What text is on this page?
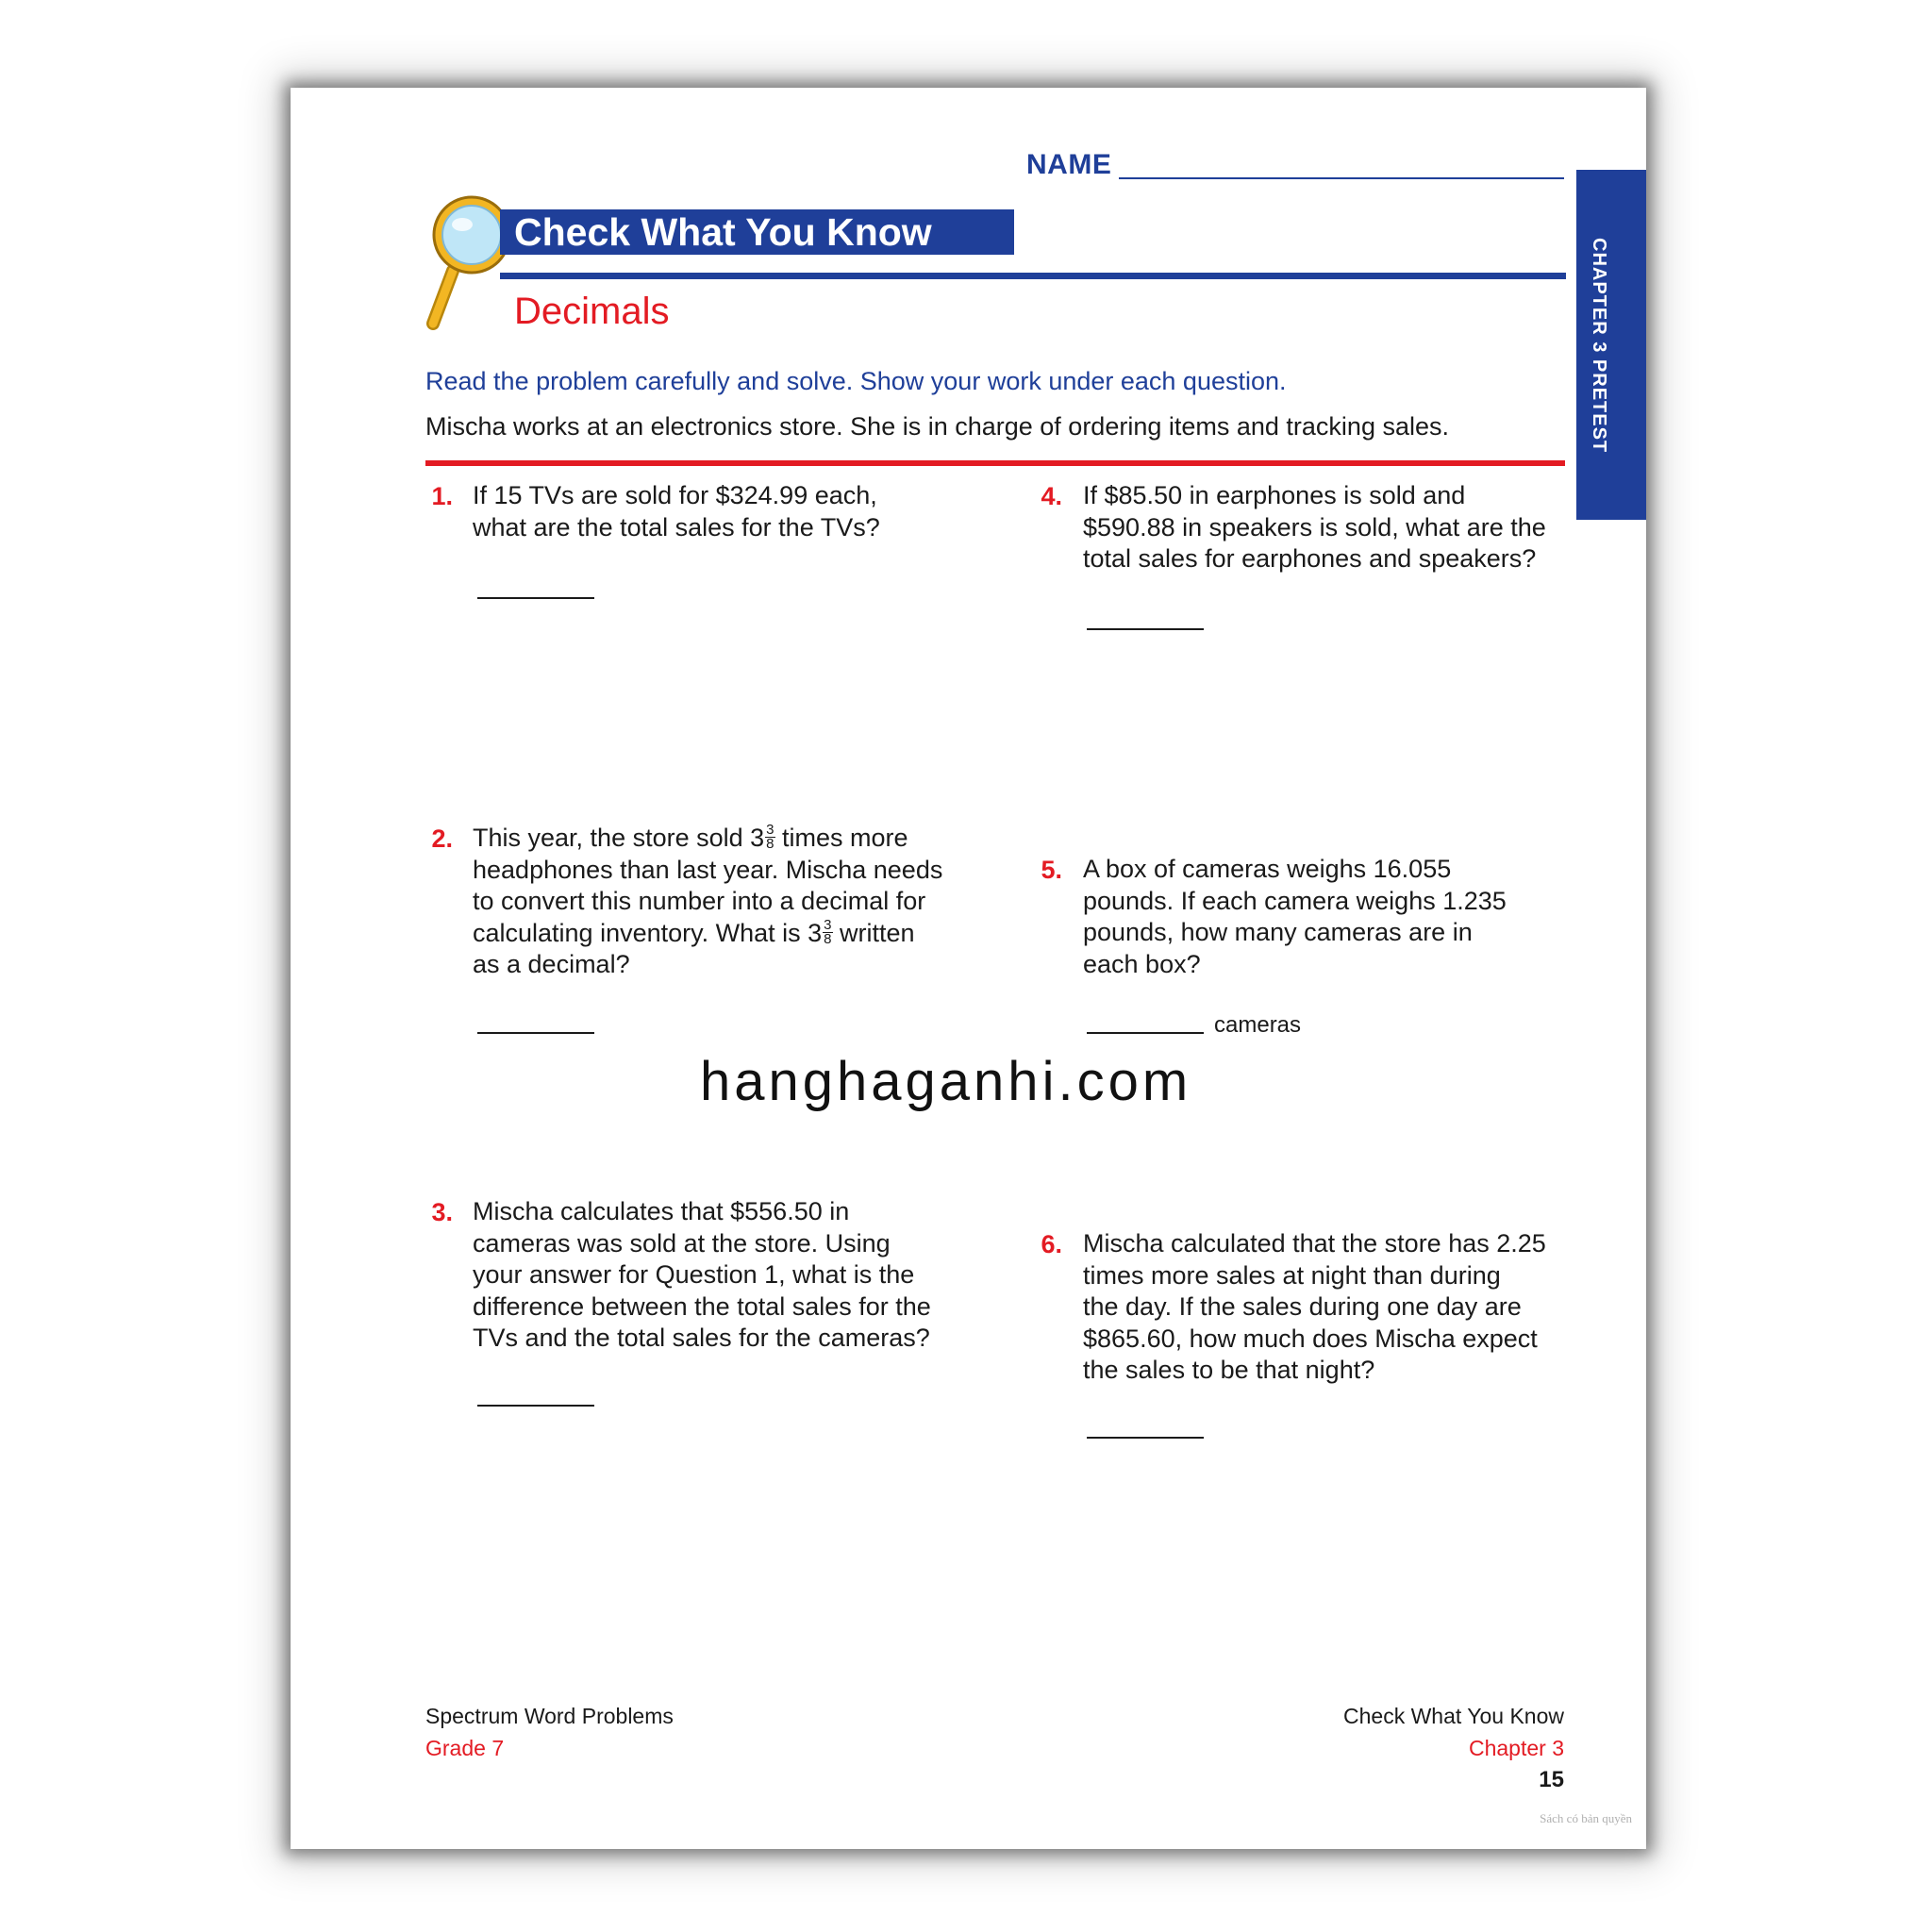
NAME
CHAPTER 3 PRETEST
Check What You Know
Decimals
Read the problem carefully and solve. Show your work under each question.
Mischa works at an electronics store. She is in charge of ordering items and tracking sales.
1. If 15 TVs are sold for $324.99 each,
what are the total sales for the TVs?
2. This year, the store sold $3 \frac{3}{8}$ times more
headphones than last year. Mischa needs
to convert this number into a decimal for
calculating inventory. What is $3 \frac{3}{8}$ written
as a decimal?
3. Mischa calculates that $556.50 in
cameras was sold at the store. Using
your answer for Question 1, what is the
difference between the total sales for the
TVs and the total sales for the cameras?
4. If $85.50 in earphones is sold and
$590.88 in speakers is sold, what are the
total sales for earphones and speakers?
5. A box of cameras weighs 16.055
pounds. If each camera weighs 1.235
pounds, how many cameras are in
each box?
cameras
6. Mischa calculated that the store has 2.25
times more sales at night than during
the day. If the sales during one day are
$865.60, how much does Mischa expect
the sales to be that night?
hanghaganhi.com
Spectrum Word Problems
Grade 7
Check What You Know
Chapter 3
15
Sách có bản quyền
